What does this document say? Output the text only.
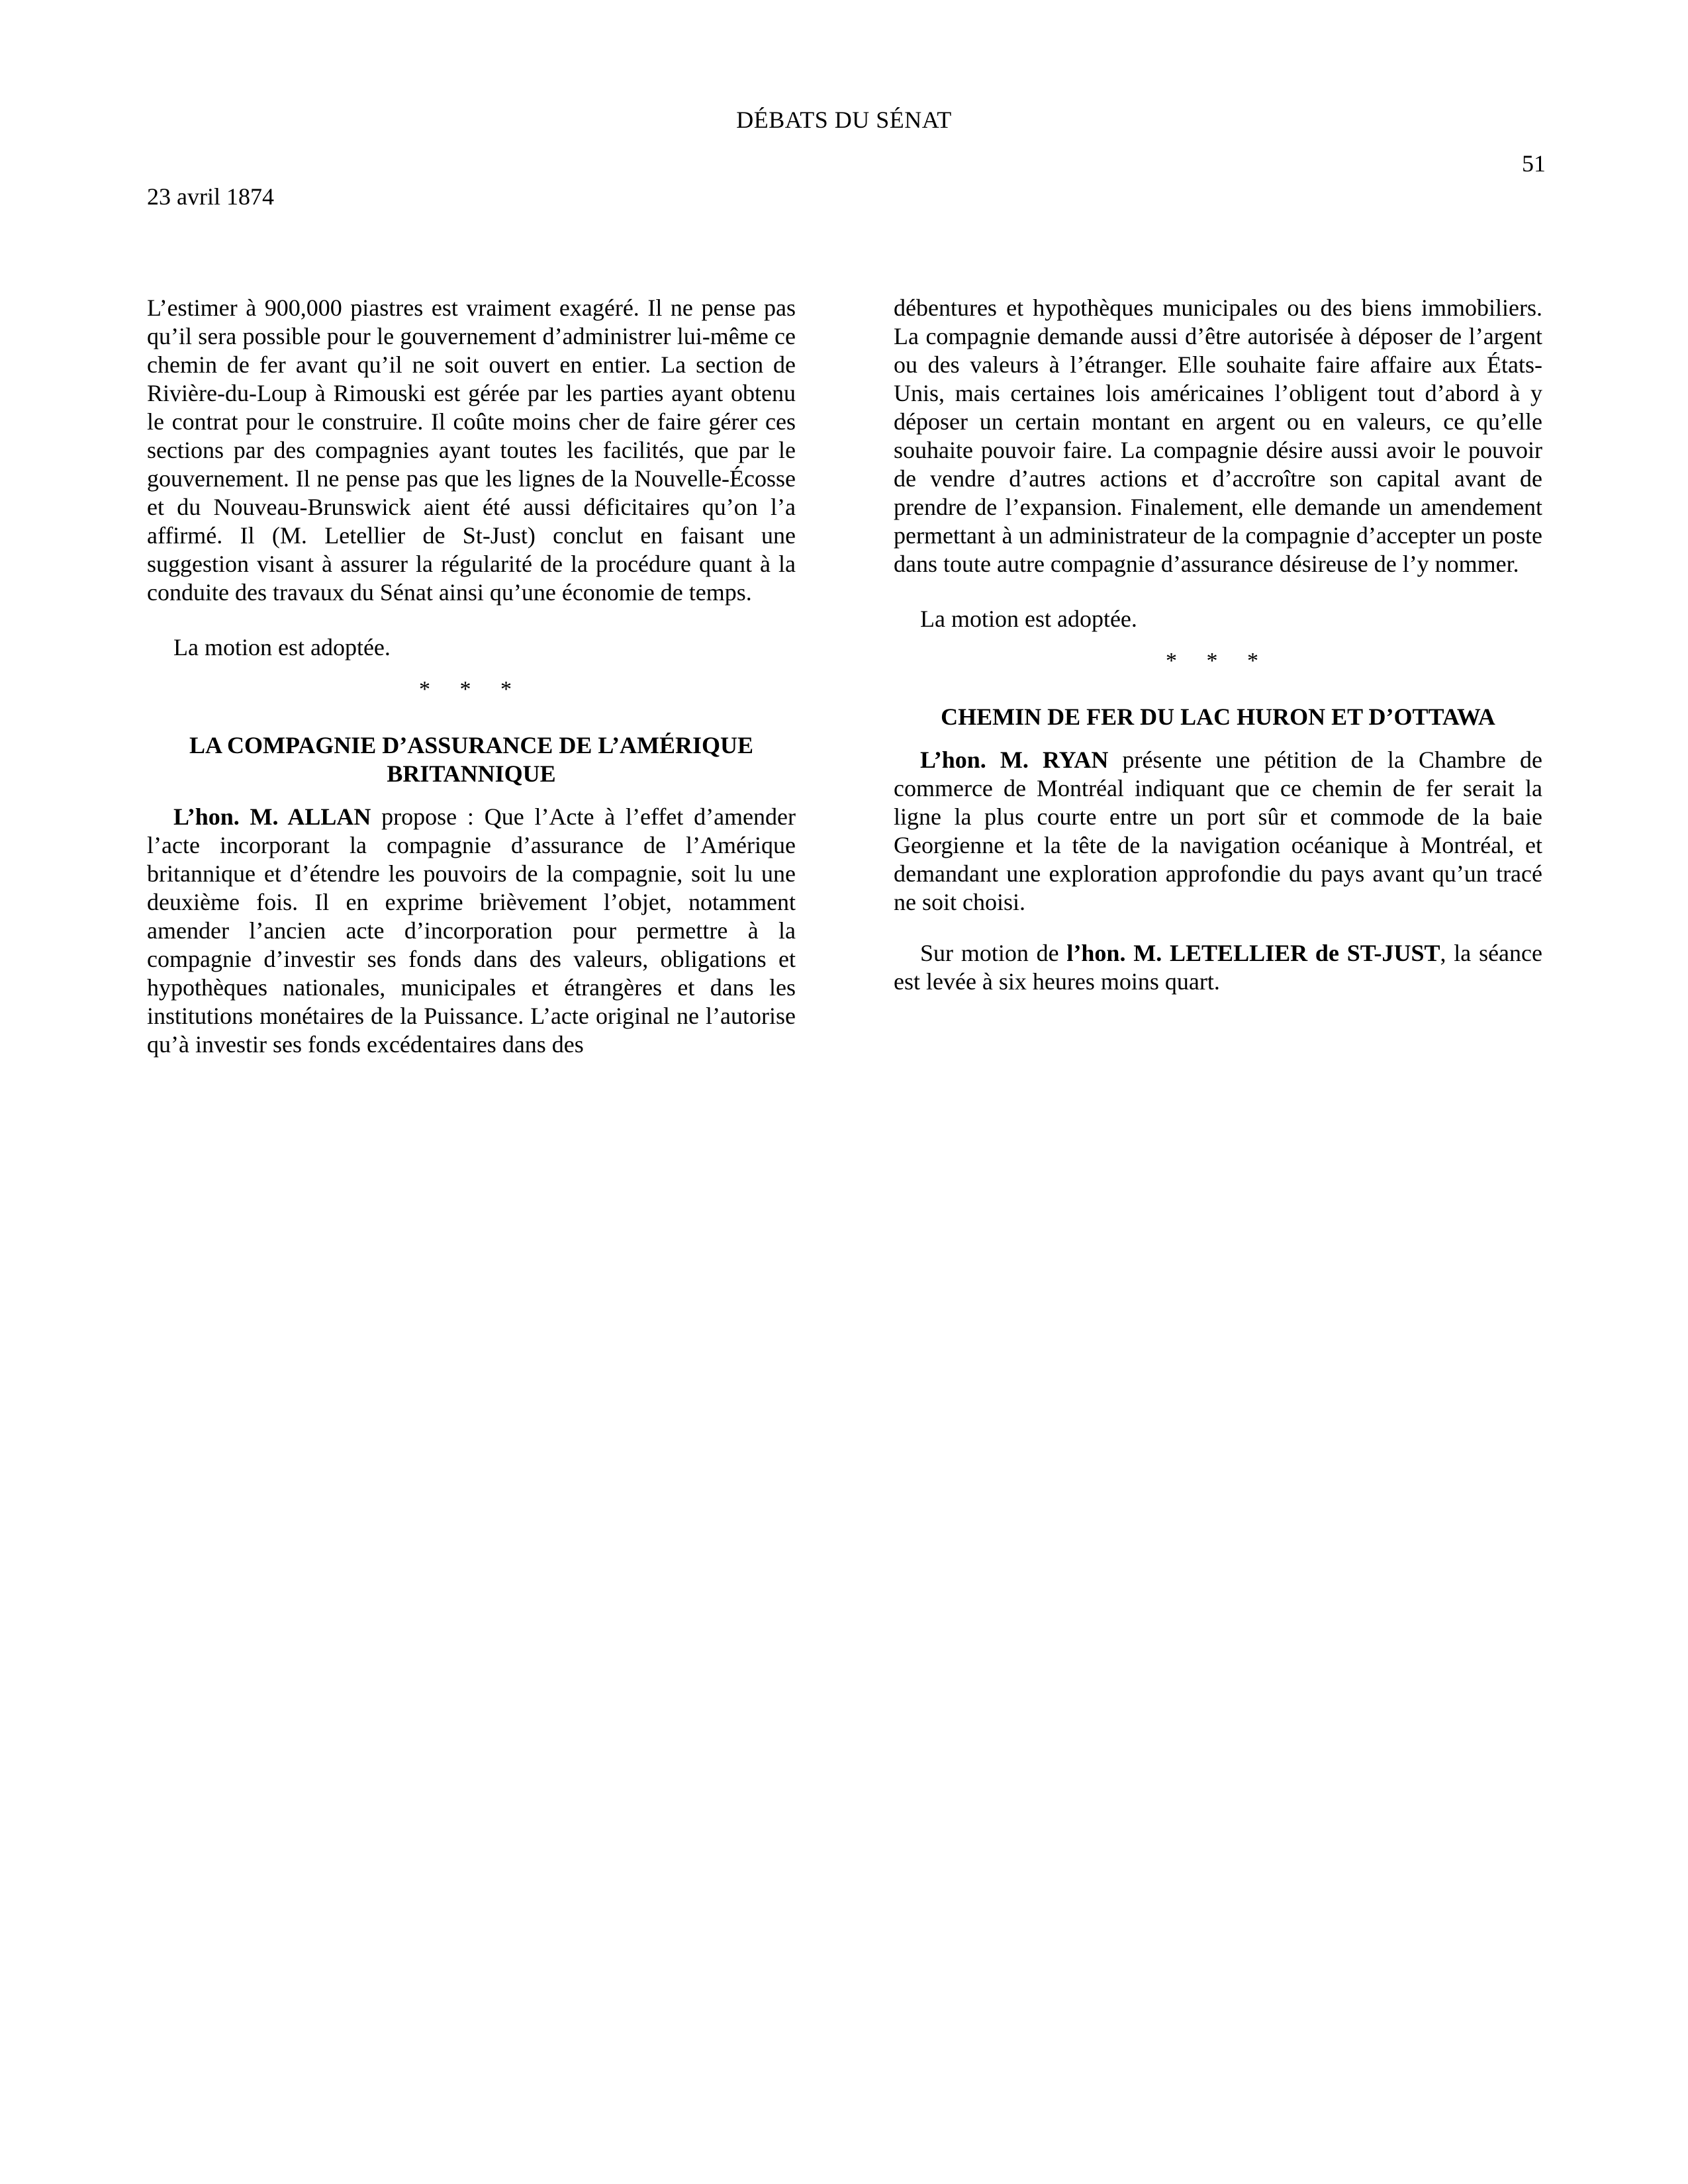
DÉBATS DU SÉNAT
51
23 avril 1874

L’estimer à 900,000 piastres est vraiment exagéré. Il ne pense pas qu’il sera possible pour le gouvernement d’administrer lui-même ce chemin de fer avant qu’il ne soit ouvert en entier. La section de Rivière-du-Loup à Rimouski est gérée par les parties ayant obtenu le contrat pour le construire. Il coûte moins cher de faire gérer ces sections par des compagnies ayant toutes les facilités, que par le gouvernement. Il ne pense pas que les lignes de la Nouvelle-Écosse et du Nouveau-Brunswick aient été aussi déficitaires qu’on l’a affirmé. Il (M. Letellier de St-Just) conclut en faisant une suggestion visant à assurer la régularité de la procédure quant à la conduite des travaux du Sénat ainsi qu’une économie de temps.

La motion est adoptée.

* * *
LA COMPAGNIE D’ASSURANCE DE L’AMÉRIQUE BRITANNIQUE

L’hon. M. ALLAN propose : Que l’Acte à l’effet d’amender l’acte incorporant la compagnie d’assurance de l’Amérique britannique et d’étendre les pouvoirs de la compagnie, soit lu une deuxième fois. Il en exprime brièvement l’objet, notamment amender l’ancien acte d’incorporation pour permettre à la compagnie d’investir ses fonds dans des valeurs, obligations et hypothèques nationales, municipales et étrangères et dans les institutions monétaires de la Puissance. L’acte original ne l’autorise qu’à investir ses fonds excédentaires dans des

débentures et hypothèques municipales ou des biens immobiliers. La compagnie demande aussi d’être autorisée à déposer de l’argent ou des valeurs à l’étranger. Elle souhaite faire affaire aux États-Unis, mais certaines lois américaines l’obligent tout d’abord à y déposer un certain montant en argent ou en valeurs, ce qu’elle souhaite pouvoir faire. La compagnie désire aussi avoir le pouvoir de vendre d’autres actions et d’accroître son capital avant de prendre de l’expansion. Finalement, elle demande un amendement permettant à un administrateur de la compagnie d’accepter un poste dans toute autre compagnie d’assurance désireuse de l’y nommer.

La motion est adoptée.

* * *
CHEMIN DE FER DU LAC HURON ET D’OTTAWA

L’hon. M. RYAN présente une pétition de la Chambre de commerce de Montréal indiquant que ce chemin de fer serait la ligne la plus courte entre un port sûr et commode de la baie Georgienne et la tête de la navigation océanique à Montréal, et demandant une exploration approfondie du pays avant qu’un tracé ne soit choisi.

Sur motion de l’hon. M. LETELLIER de ST-JUST, la séance est levée à six heures moins quart.
